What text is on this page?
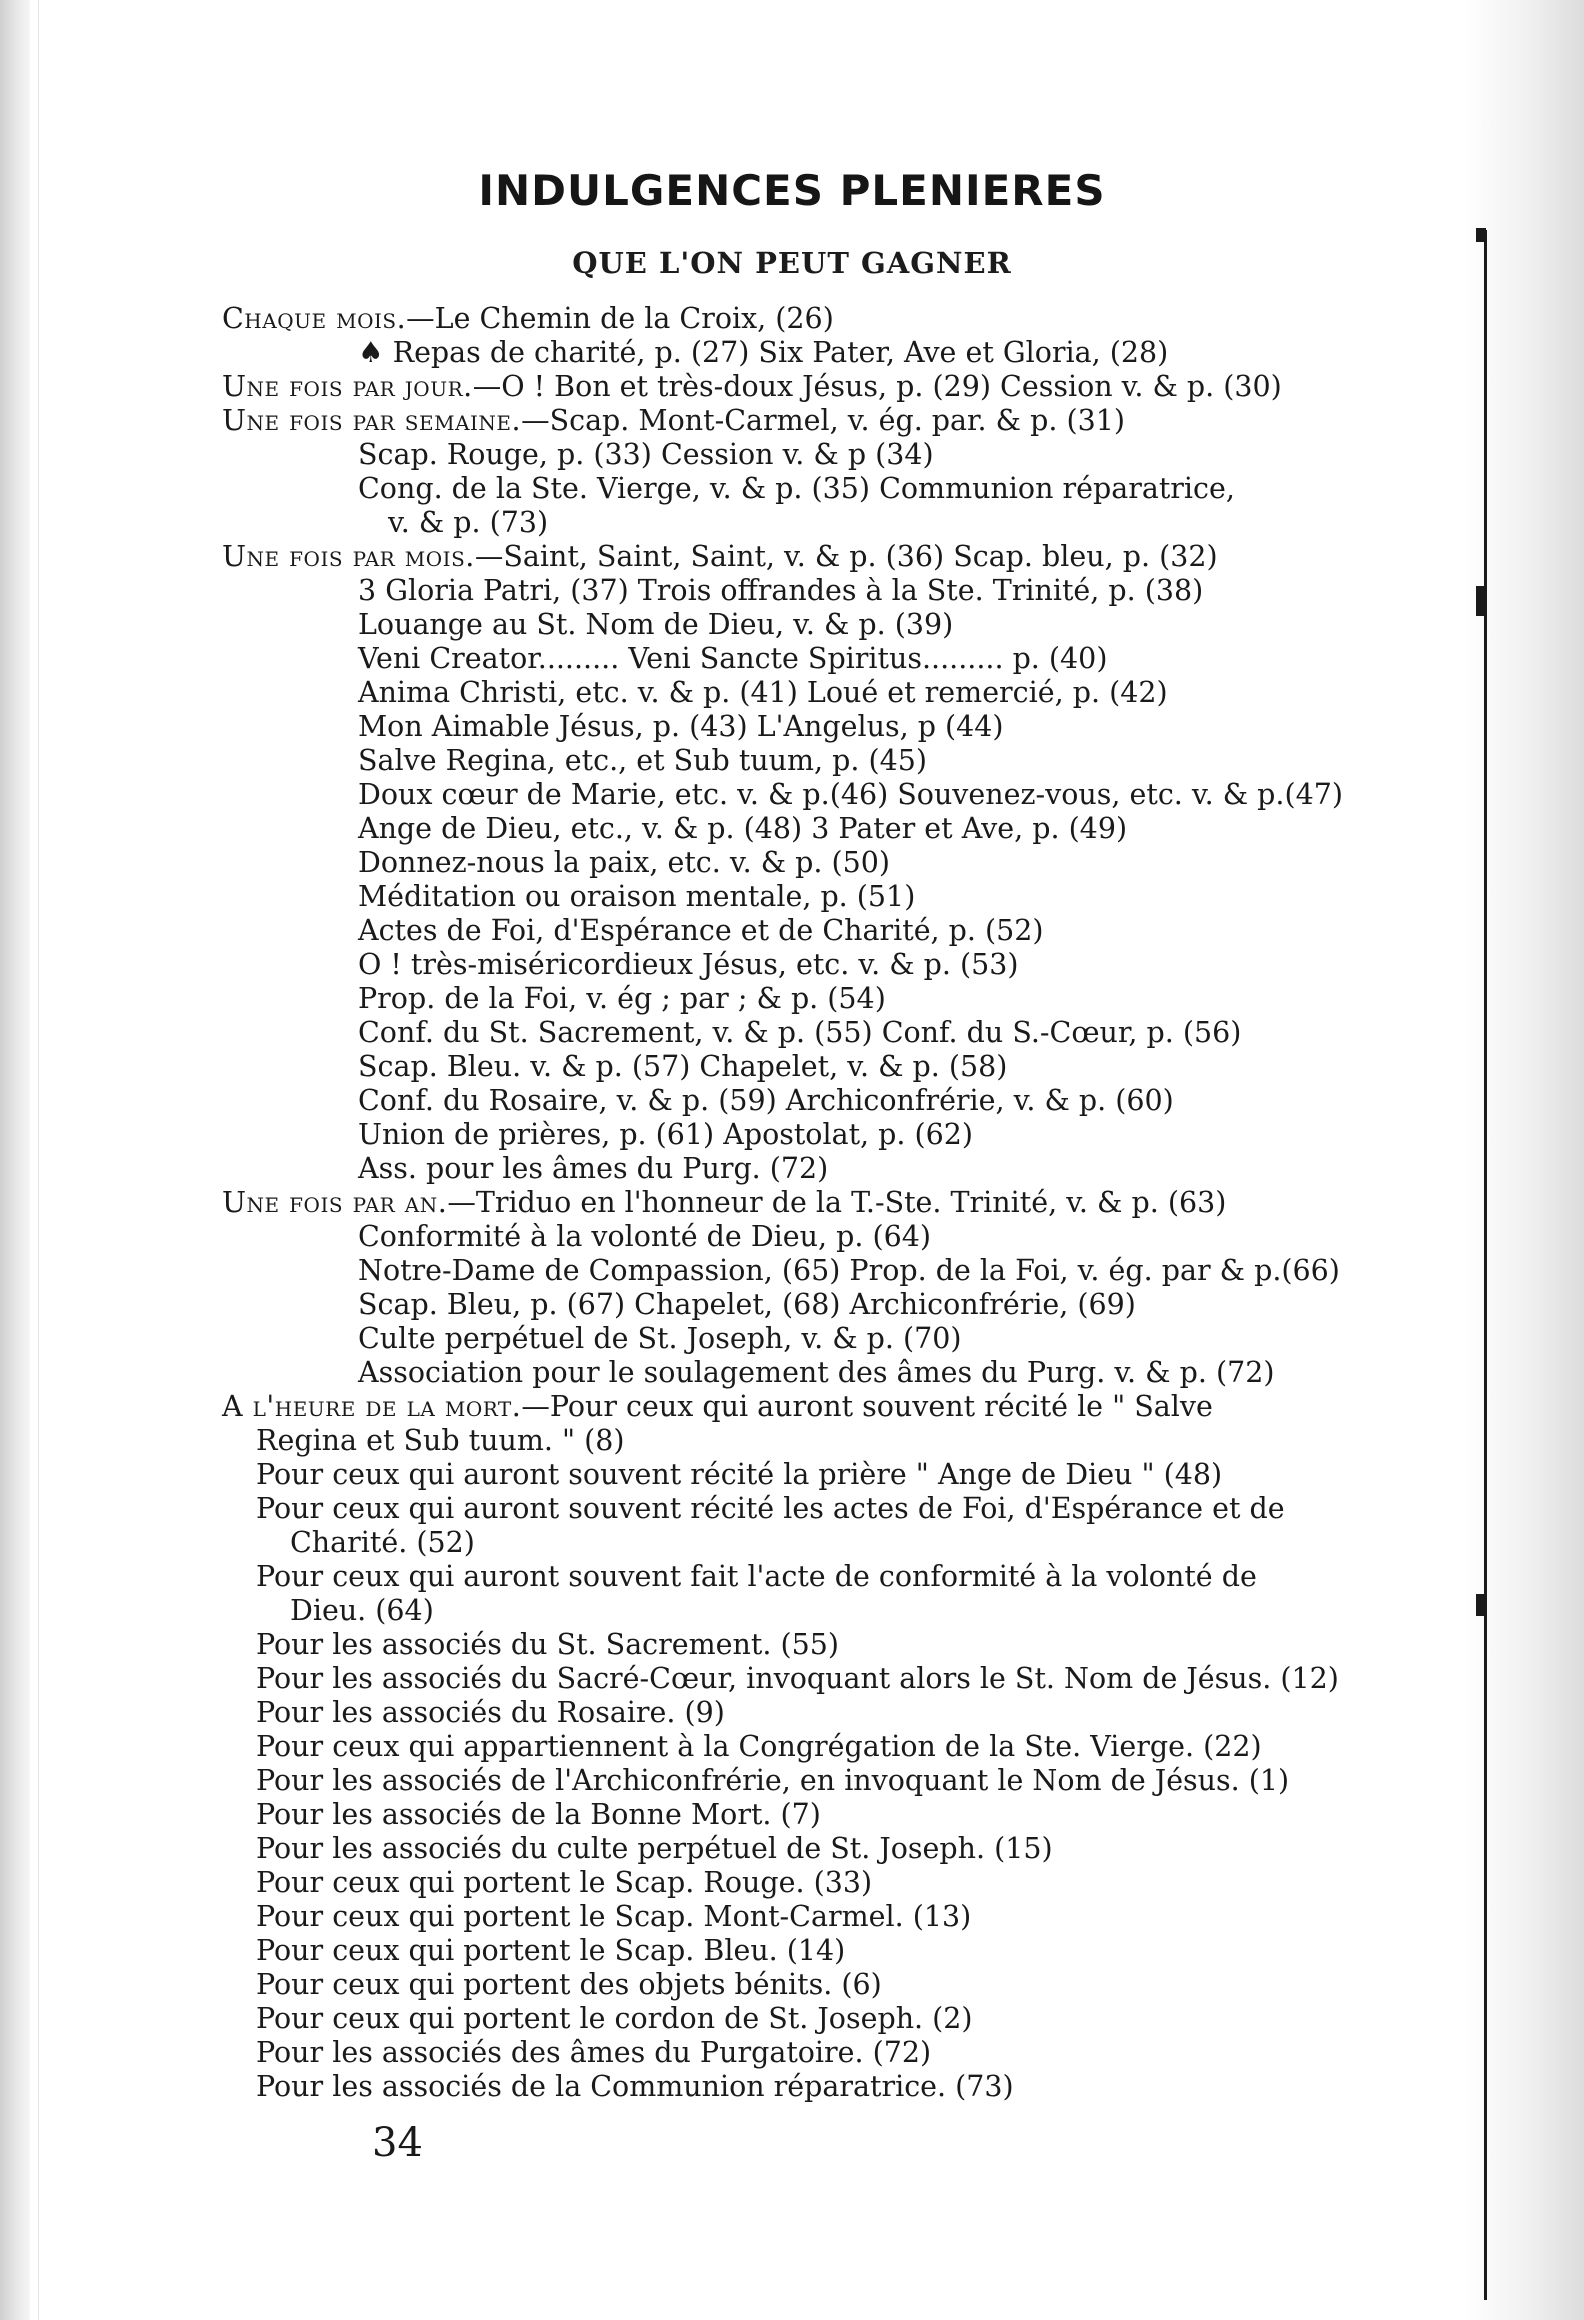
INDULGENCES PLENIERES
QUE L'ON PEUT GAGNER
Chaque mois.—Le Chemin de la Croix, (26)
♠ Repas de charité, p. (27) Six Pater, Ave et Gloria, (28)
Une fois par jour.—O ! Bon et très-doux Jésus, p. (29) Cession v. & p. (30)
Une fois par semaine.—Scap. Mont-Carmel, v. ég. par. & p. (31)
Scap. Rouge, p. (33) Cession v. & p (34)
Cong. de la Ste. Vierge, v. & p. (35) Communion réparatrice,
v. & p. (73)
Une fois par mois.—Saint, Saint, Saint, v. & p. (36) Scap. bleu, p. (32)
3 Gloria Patri, (37) Trois offrandes à la Ste. Trinité, p. (38)
Louange au St. Nom de Dieu, v. & p. (39)
Veni Creator......... Veni Sancte Spiritus......... p. (40)
Anima Christi, etc. v. & p. (41) Loué et remercié, p. (42)
Mon Aimable Jésus, p. (43) L'Angelus, p (44)
Salve Regina, etc., et Sub tuum, p. (45)
Doux cœur de Marie, etc. v. & p.(46) Souvenez-vous, etc. v. & p.(47)
Ange de Dieu, etc., v. & p. (48) 3 Pater et Ave, p. (49)
Donnez-nous la paix, etc. v. & p. (50)
Méditation ou oraison mentale, p. (51)
Actes de Foi, d'Espérance et de Charité, p. (52)
O ! très-miséricordieux Jésus, etc. v. & p. (53)
Prop. de la Foi, v. ég ; par ; & p. (54)
Conf. du St. Sacrement, v. & p. (55) Conf. du S.-Cœur, p. (56)
Scap. Bleu. v. & p. (57) Chapelet, v. & p. (58)
Conf. du Rosaire, v. & p. (59) Archiconfrérie, v. & p. (60)
Union de prières, p. (61) Apostolat, p. (62)
Ass. pour les âmes du Purg. (72)
Une fois par an.—Triduo en l'honneur de la T.-Ste. Trinité, v. & p. (63)
Conformité à la volonté de Dieu, p. (64)
Notre-Dame de Compassion, (65) Prop. de la Foi, v. ég. par & p.(66)
Scap. Bleu, p. (67) Chapelet, (68) Archiconfrérie, (69)
Culte perpétuel de St. Joseph, v. & p. (70)
Association pour le soulagement des âmes du Purg. v. & p. (72)
A l'heure de la mort.—Pour ceux qui auront souvent récité le " Salve
Regina et Sub tuum. " (8)
Pour ceux qui auront souvent récité la prière " Ange de Dieu " (48)
Pour ceux qui auront souvent récité les actes de Foi, d'Espérance et de
Charité. (52)
Pour ceux qui auront souvent fait l'acte de conformité à la volonté de
Dieu. (64)
Pour les associés du St. Sacrement. (55)
Pour les associés du Sacré-Cœur, invoquant alors le St. Nom de Jésus. (12)
Pour les associés du Rosaire. (9)
Pour ceux qui appartiennent à la Congrégation de la Ste. Vierge. (22)
Pour les associés de l'Archiconfrérie, en invoquant le Nom de Jésus. (1)
Pour les associés de la Bonne Mort. (7)
Pour les associés du culte perpétuel de St. Joseph. (15)
Pour ceux qui portent le Scap. Rouge. (33)
Pour ceux qui portent le Scap. Mont-Carmel. (13)
Pour ceux qui portent le Scap. Bleu. (14)
Pour ceux qui portent des objets bénits. (6)
Pour ceux qui portent le cordon de St. Joseph. (2)
Pour les associés des âmes du Purgatoire. (72)
Pour les associés de la Communion réparatrice. (73)
34
